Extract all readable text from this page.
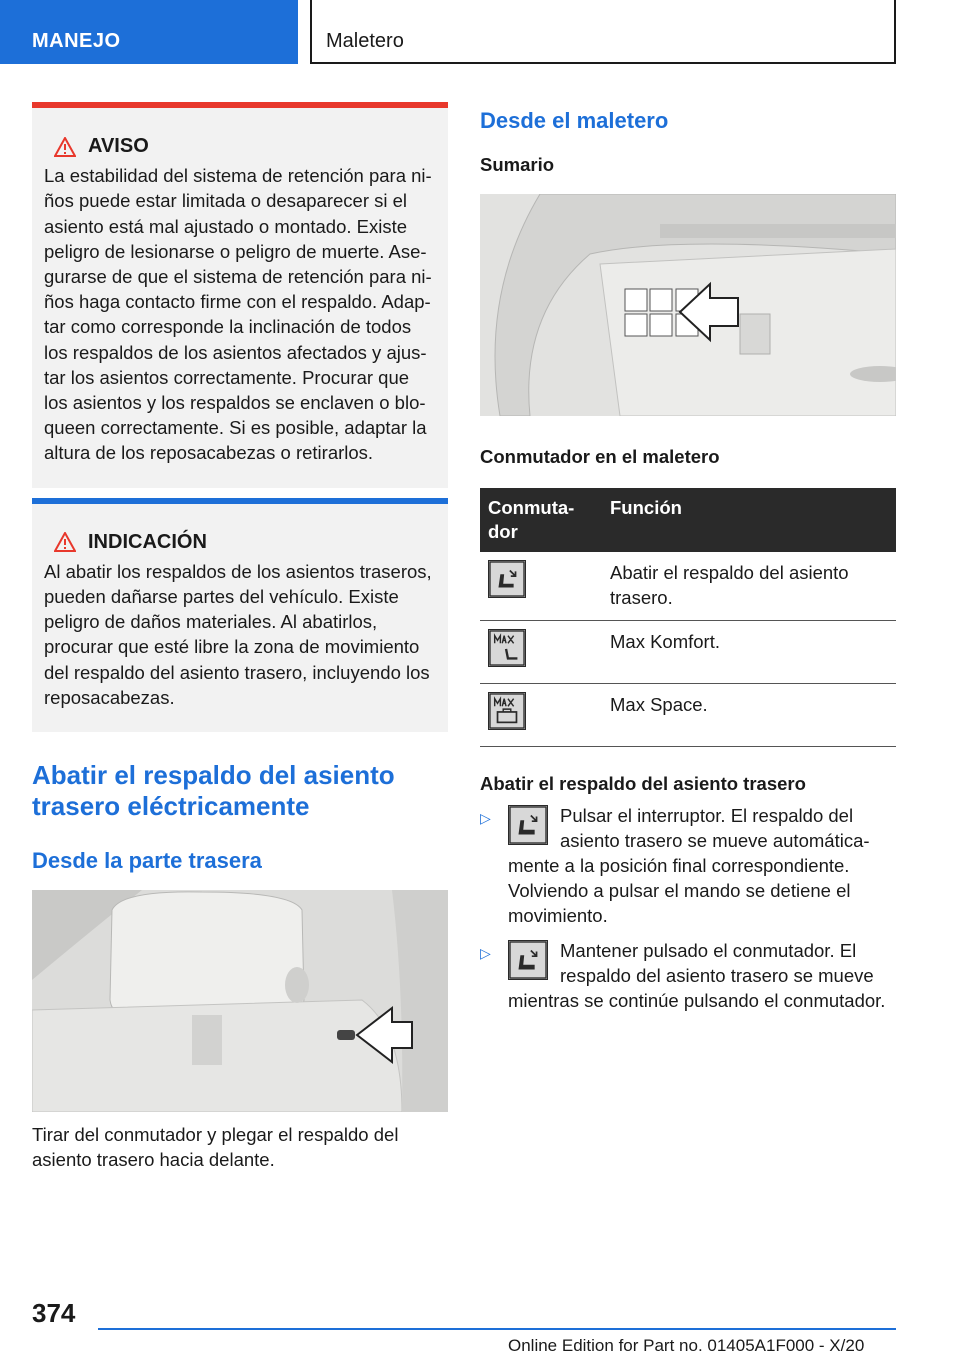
MANEJO	Maletero
AVISO

La estabilidad del sistema de retención para niños puede estar limitada o desaparecer si el asiento está mal ajustado o montado. Existe peligro de lesionarse o peligro de muerte. Asegurarse de que el sistema de retención para niños haga contacto firme con el respaldo. Adaptar como corresponde la inclinación de todos los respaldos de los asientos afectados y ajustar los asientos correctamente. Procurar que los asientos y los respaldos se enclaven o bloqueen correctamente. Si es posible, adaptar la altura de los reposacabezas o retirarlos.

INDICACIÓN

Al abatir los respaldos de los asientos traseros, pueden dañarse partes del vehículo. Existe peligro de daños materiales. Al abatirlos, procurar que esté libre la zona de movimiento del respaldo del asiento trasero, incluyendo los reposacabezas.

Abatir el respaldo del asiento trasero eléctricamente
Desde la parte trasera

Tirar del conmutador y plegar el respaldo del asiento trasero hacia delante.

Desde el maletero
Sumario
Conmutador en el maletero
Conmutador	Función
	Abatir el respaldo del asiento trasero.
	Max Komfort.
	Max Space.
Abatir el respaldo del asiento trasero
▷	Pulsar el interruptor. El respaldo del asiento trasero se mueve automáticamente a la posición final correspondiente. Volviendo a pulsar el mando se detiene el movimiento.
▷	Mantener pulsado el conmutador. El respaldo del asiento trasero se mueve mientras se continúe pulsando el conmutador.
374
Online Edition for Part no. 01405A1F000 - X/20
